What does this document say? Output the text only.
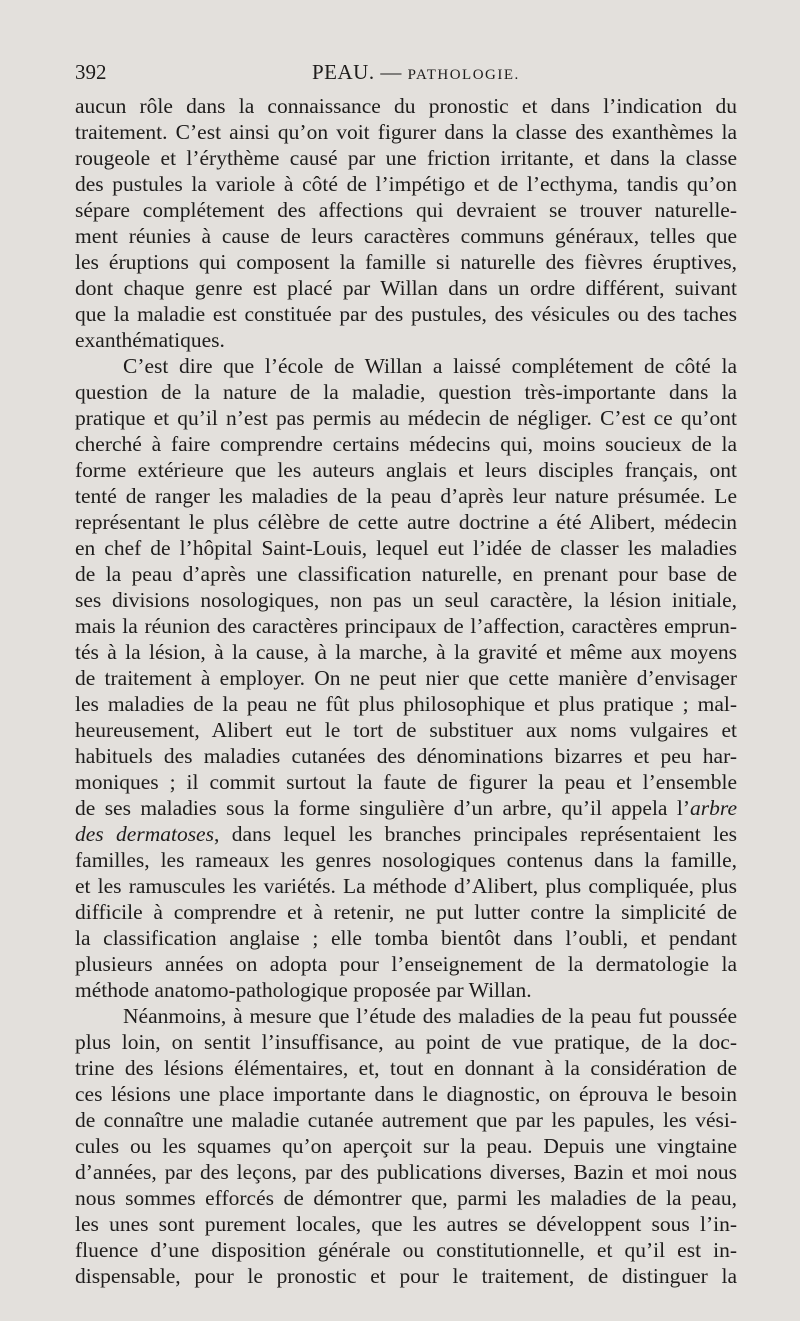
392	PEAU. — PATHOLOGIE.
aucun rôle dans la connaissance du pronostic et dans l’indication du
traitement. C’est ainsi qu’on voit figurer dans la classe des exanthèmes la
rougeole et l’érythème causé par une friction irritante, et dans la classe
des pustules la variole à côté de l’impétigo et de l’ecthyma, tandis qu’on
sépare complétement des affections qui devraient se trouver naturelle-
ment réunies à cause de leurs caractères communs généraux, telles que
les éruptions qui composent la famille si naturelle des fièvres éruptives,
dont chaque genre est placé par Willan dans un ordre différent, suivant
que la maladie est constituée par des pustules, des vésicules ou des taches
exanthématiques.
C’est dire que l’école de Willan a laissé complétement de côté la
question de la nature de la maladie, question très-importante dans la
pratique et qu’il n’est pas permis au médecin de négliger. C’est ce qu’ont
cherché à faire comprendre certains médecins qui, moins soucieux de la
forme extérieure que les auteurs anglais et leurs disciples français, ont
tenté de ranger les maladies de la peau d’après leur nature présumée. Le
représentant le plus célèbre de cette autre doctrine a été Alibert, médecin
en chef de l’hôpital Saint-Louis, lequel eut l’idée de classer les maladies
de la peau d’après une classification naturelle, en prenant pour base de
ses divisions nosologiques, non pas un seul caractère, la lésion initiale,
mais la réunion des caractères principaux de l’affection, caractères emprun-
tés à la lésion, à la cause, à la marche, à la gravité et même aux moyens
de traitement à employer. On ne peut nier que cette manière d’envisager
les maladies de la peau ne fût plus philosophique et plus pratique ; mal-
heureusement, Alibert eut le tort de substituer aux noms vulgaires et
habituels des maladies cutanées des dénominations bizarres et peu har-
moniques ; il commit surtout la faute de figurer la peau et l’ensemble
de ses maladies sous la forme singulière d’un arbre, qu’il appela l’arbre
des dermatoses, dans lequel les branches principales représentaient les
familles, les rameaux les genres nosologiques contenus dans la famille,
et les ramuscules les variétés. La méthode d’Alibert, plus compliquée, plus
difficile à comprendre et à retenir, ne put lutter contre la simplicité de
la classification anglaise ; elle tomba bientôt dans l’oubli, et pendant
plusieurs années on adopta pour l’enseignement de la dermatologie la
méthode anatomo-pathologique proposée par Willan.
Néanmoins, à mesure que l’étude des maladies de la peau fut poussée
plus loin, on sentit l’insuffisance, au point de vue pratique, de la doc-
trine des lésions élémentaires, et, tout en donnant à la considération de
ces lésions une place importante dans le diagnostic, on éprouva le besoin
de connaître une maladie cutanée autrement que par les papules, les vési-
cules ou les squames qu’on aperçoit sur la peau. Depuis une vingtaine
d’années, par des leçons, par des publications diverses, Bazin et moi nous
nous sommes efforcés de démontrer que, parmi les maladies de la peau,
les unes sont purement locales, que les autres se développent sous l’in-
fluence d’une disposition générale ou constitutionnelle, et qu’il est in-
dispensable, pour le pronostic et pour le traitement, de distinguer la
